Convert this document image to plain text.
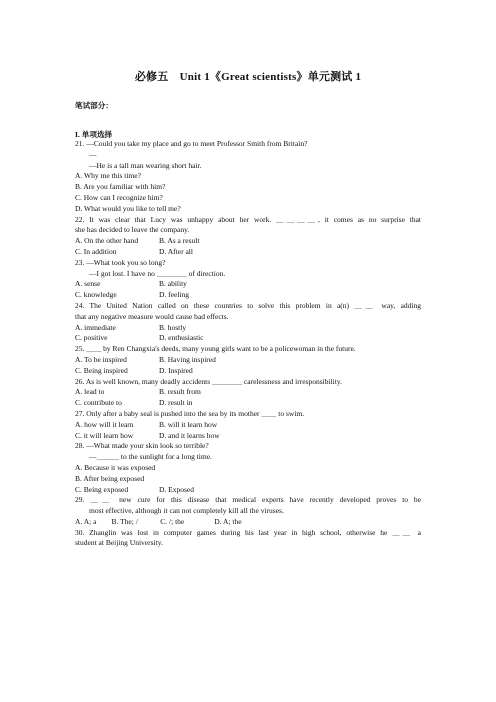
必修五　Unit 1《Great scientists》单元测试 1
笔试部分：
I. 单项选择
21. —Could you take my place and go to meet Professor Smith from Britain?
—
—He is a tall man wearing short hair.
A. Why me this time?
B. Are you familiar with him?
C. How can I recognize him?
D. What would you like to tell me?
22. It was clear that Lucy was unhappy about her work. ＿＿＿＿, it comes as no surprise that
she has decided to leave the company.
A. On the other hand	B. As a result
C. In addition	D. After all
23. —What took you so long?
—I got lost. I have no ＿＿＿＿ of direction.
A. sense	B. ability
C. knowledge	D. feeling
24. The United Nation called on these countries to solve this problem in a(n) ＿＿ way, adding
that any negative measure would cause bad effects.
A. immediate	B. hostly
C. positive	D. enthusiastic
25. ＿＿ by Ren Changxia's deeds, many young girls want to be a policewoman in the future.
A. To be inspired	B. Having inspired
C. Being inspired	D. Inspired
26. As is well known, many deadly accidents ＿＿＿＿ carelessness and irresponsibility.
A. lead to	B. result from
C. contribute to	D. result in
27. Only after a baby seal is pushed into the sea by its mother ＿＿ to swim.
A. how will it learn	B. will it learn how
C. it will learn how	D. and it learns how
28. —What made your skin look so terrible?
—＿＿＿ to the sunlight for a long time.
A. Because it was exposed
B. After being exposed
C. Being exposed	D. Exposed
29. ＿＿ new cure for this disease that medical experts have recently developed proves to be
most effective, although it can not completely kill all the viruses.
A. A; a　　B. The; /　　　C. /; the　　　　D. A; the
30. Zhanglin was lost in computer games during his last year in high school, otherwise he ＿＿ a
student at Beijing University.
